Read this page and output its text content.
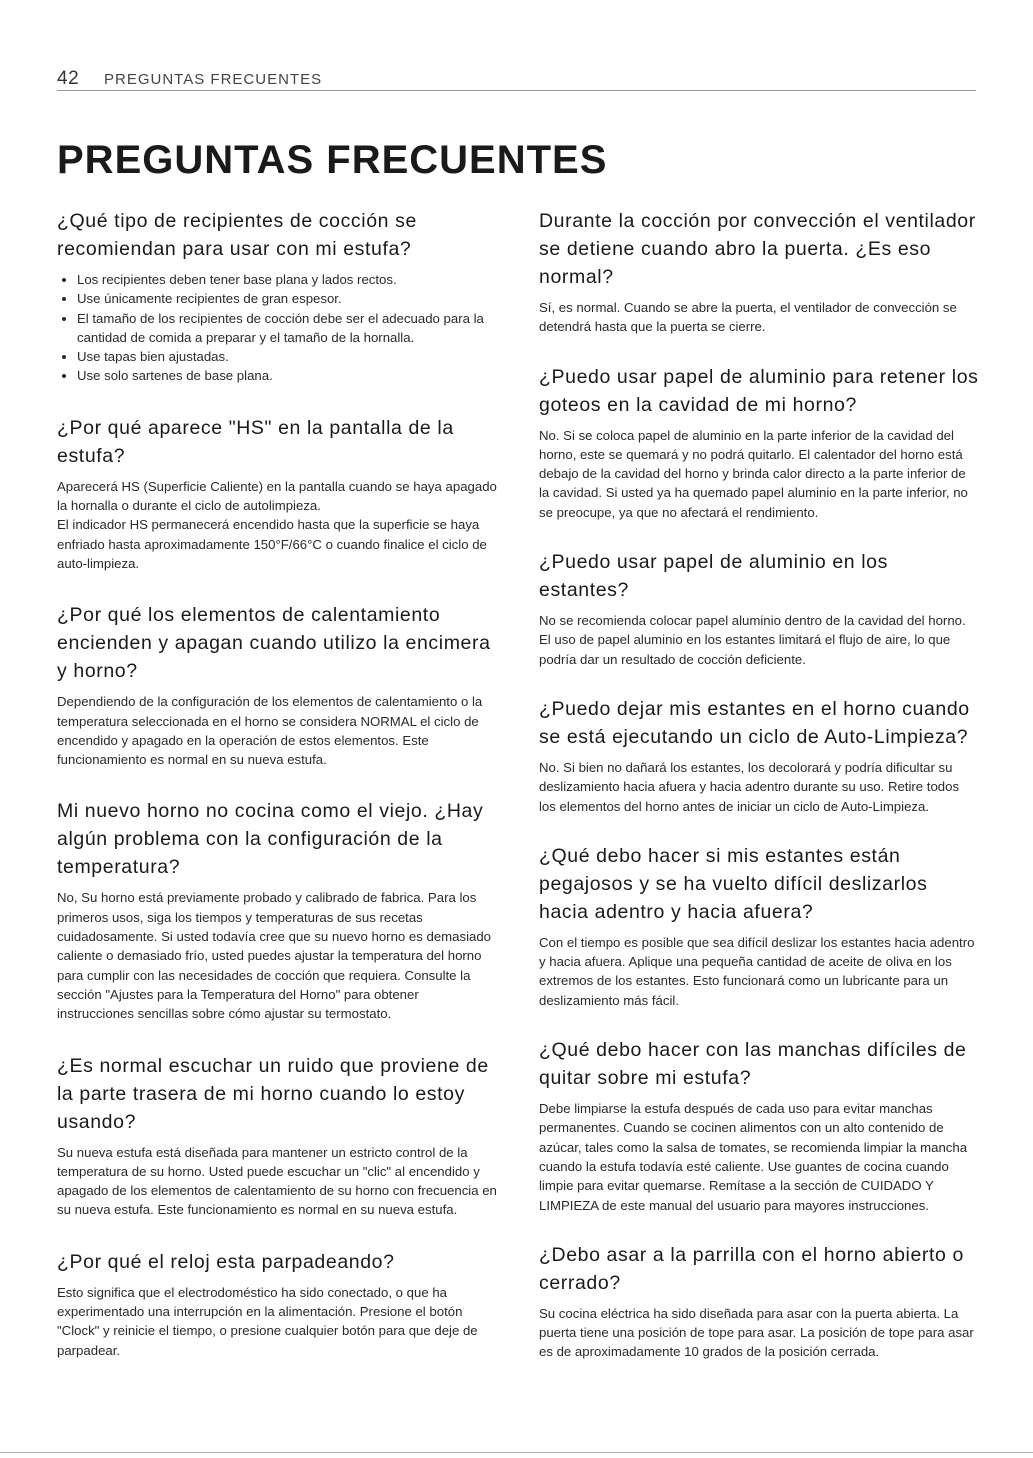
42 PREGUNTAS FRECUENTES
PREGUNTAS FRECUENTES
¿Qué tipo de recipientes de cocción se recomiendan para usar con mi estufa?
• Los recipientes deben tener base plana y lados rectos.
• Use únicamente recipientes de gran espesor.
• El tamaño de los recipientes de cocción debe ser el adecuado para la cantidad de comida a preparar y el tamaño de la hornalla.
• Use tapas bien ajustadas.
• Use solo sartenes de base plana.
¿Por qué aparece "HS" en la pantalla de la estufa?

Aparecerá HS (Superficie Caliente) en la pantalla cuando se haya apagado la hornalla o durante el ciclo de autolimpieza.

El indicador HS permanecerá encendido hasta que la superficie se haya enfriado hasta aproximadamente 150°F/66°C o cuando finalice el ciclo de auto-limpieza.

¿Por qué los elementos de calentamiento encienden y apagan cuando utilizo la encimera y horno?

Dependiendo de la configuración de los elementos de calentamiento o la temperatura seleccionada en el horno se considera NORMAL el ciclo de encendido y apagado en la operación de estos elementos. Este funcionamiento es normal en su nueva estufa.

Mi nuevo horno no cocina como el viejo. ¿Hay algún problema con la configuración de la temperatura?

No, Su horno está previamente probado y calibrado de fabrica. Para los primeros usos, siga los tiempos y temperaturas de sus recetas cuidadosamente. Si usted todavía cree que su nuevo horno es demasiado caliente o demasiado frío, usted puedes ajustar la temperatura del horno para cumplir con las necesidades de cocción que requiera. Consulte la sección "Ajustes para la Temperatura del Horno" para obtener instrucciones sencillas sobre cómo ajustar su termostato.

¿Es normal escuchar un ruido que proviene de la parte trasera de mi horno cuando lo estoy usando?

Su nueva estufa está diseñada para mantener un estricto control de la temperatura de su horno. Usted puede escuchar un "clic" al encendido y apagado de los elementos de calentamiento de su horno con frecuencia en su nueva estufa. Este funcionamiento es normal en su nueva estufa.

¿Por qué el reloj esta parpadeando?

Esto significa que el electrodoméstico ha sido conectado, o que ha experimentado una interrupción en la alimentación. Presione el botón "Clock" y reinicie el tiempo, o presione cualquier botón para que deje de parpadear.

Durante la cocción por convección el ventilador se detiene cuando abro la puerta. ¿Es eso normal?

Sí, es normal. Cuando se abre la puerta, el ventilador de convección se detendrá hasta que la puerta se cierre.

¿Puedo usar papel de aluminio para retener los goteos en la cavidad de mi horno?

No. Si se coloca papel de aluminio en la parte inferior de la cavidad del horno, este se quemará y no podrá quitarlo. El calentador del horno está debajo de la cavidad del horno y brinda calor directo a la parte inferior de la cavidad. Si usted ya ha quemado papel aluminio en la parte inferior, no se preocupe, ya que no afectará el rendimiento.

¿Puedo usar papel de aluminio en los estantes?

No se recomienda colocar papel aluminio dentro de la cavidad del horno. El uso de papel aluminio en los estantes limitará el flujo de aire, lo que podría dar un resultado de cocción deficiente.

¿Puedo dejar mis estantes en el horno cuando se está ejecutando un ciclo de Auto-Limpieza?

No. Si bien no dañará los estantes, los decolorará y podría dificultar su deslizamiento hacia afuera y hacia adentro durante su uso. Retire todos los elementos del horno antes de iniciar un ciclo de Auto-Limpieza.

¿Qué debo hacer si mis estantes están pegajosos y se ha vuelto difícil deslizarlos hacia adentro y hacia afuera?

Con el tiempo es posible que sea difícil deslizar los estantes hacia adentro y hacia afuera. Aplique una pequeña cantidad de aceite de oliva en los extremos de los estantes. Esto funcionará como un lubricante para un deslizamiento más fácil.

¿Qué debo hacer con las manchas difíciles de quitar sobre mi estufa?

Debe limpiarse la estufa después de cada uso para evitar manchas permanentes. Cuando se cocinen alimentos con un alto contenido de azúcar, tales como la salsa de tomates, se recomienda limpiar la mancha cuando la estufa todavía esté caliente. Use guantes de cocina cuando limpie para evitar quemarse. Remítase a la sección de CUIDADO Y LIMPIEZA de este manual del usuario para mayores instrucciones.

¿Debo asar a la parrilla con el horno abierto o cerrado?

Su cocina eléctrica ha sido diseñada para asar con la puerta abierta. La puerta tiene una posición de tope para asar. La posición de tope para asar es de aproximadamente 10 grados de la posición cerrada.
